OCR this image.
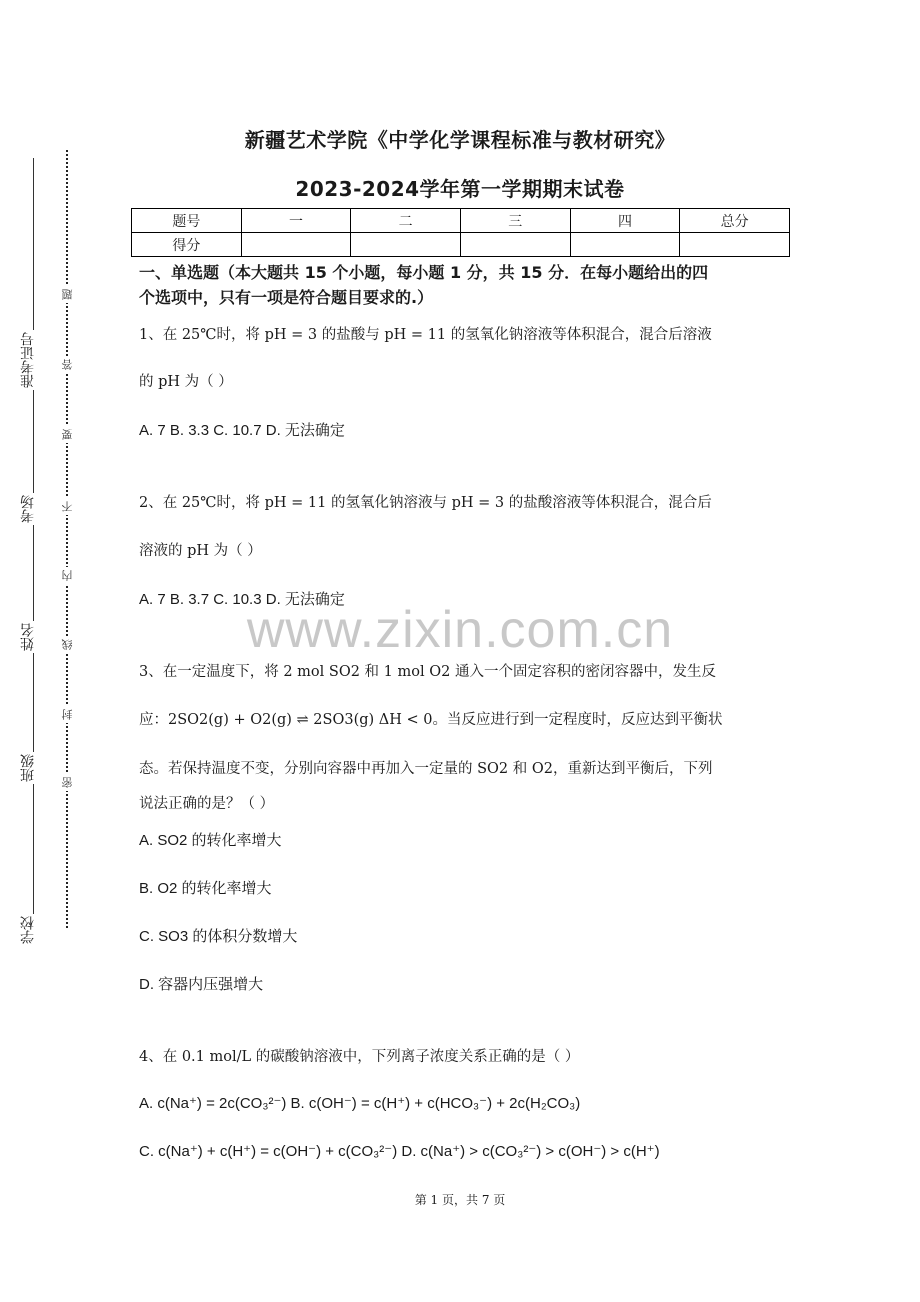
准考证号
考场
姓名
班级
学校
题
答
要
不
内
线
封
密
新疆艺术学院《中学化学课程标准与教材研究》
2023-2024学年第一学期期末试卷
题号	一	二	三	四	总分
得分					
一、单选题（本大题共 15 个小题，每小题 1 分，共 15 分．在每小题给出的四
个选项中，只有一项是符合题目要求的.）
www.zixin.com.cn
1、在 25℃时，将 pH = 3 的盐酸与 pH = 11 的氢氧化钠溶液等体积混合，混合后溶液
的 pH 为（ ）
A. 7 B. 3.3 C. 10.7 D. 无法确定
2、在 25℃时，将 pH = 11 的氢氧化钠溶液与 pH = 3 的盐酸溶液等体积混合，混合后
溶液的 pH 为（ ）
A. 7 B. 3.7 C. 10.3 D. 无法确定
3、在一定温度下，将 2 mol SO2 和 1 mol O2 通入一个固定容积的密闭容器中，发生反
应：2SO2(g) + O2(g) ⇌ 2SO3(g) ΔH < 0。当反应进行到一定程度时，反应达到平衡状
态。若保持温度不变，分别向容器中再加入一定量的 SO2 和 O2，重新达到平衡后，下列
说法正确的是？（ ）
A. SO2 的转化率增大
B. O2 的转化率增大
C. SO3 的体积分数增大
D. 容器内压强增大
4、在 0.1 mol/L 的碳酸钠溶液中，下列离子浓度关系正确的是（ ）
A. c(Na⁺) = 2c(CO₃²⁻) B. c(OH⁻) = c(H⁺) + c(HCO₃⁻) + 2c(H₂CO₃)
C. c(Na⁺) + c(H⁺) = c(OH⁻) + c(CO₃²⁻) D. c(Na⁺) > c(CO₃²⁻) > c(OH⁻) > c(H⁺)
第 1 页，共 7 页
